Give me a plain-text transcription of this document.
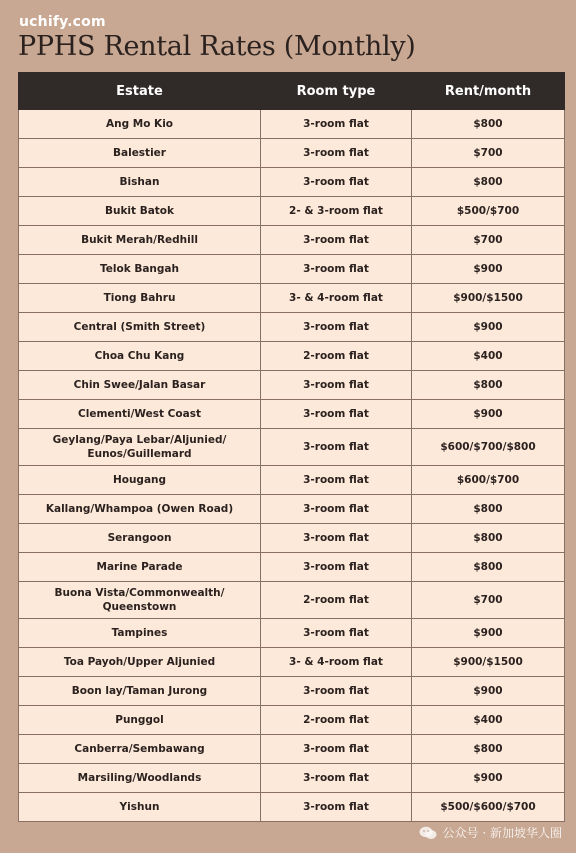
uchify.com
PPHS Rental Rates (Monthly)
Estate	Room type	Rent/month
Ang Mo Kio	3-room flat	$800
Balestier	3-room flat	$700
Bishan	3-room flat	$800
Bukit Batok	2- & 3-room flat	$500/$700
Bukit Merah/Redhill	3-room flat	$700
Telok Bangah	3-room flat	$900
Tiong Bahru	3- & 4-room flat	$900/$1500
Central (Smith Street)	3-room flat	$900
Choa Chu Kang	2-room flat	$400
Chin Swee/Jalan Basar	3-room flat	$800
Clementi/West Coast	3-room flat	$900
Geylang/Paya Lebar/Aljunied/
Eunos/Guillemard	3-room flat	$600/$700/$800
Hougang	3-room flat	$600/$700
Kallang/Whampoa (Owen Road)	3-room flat	$800
Serangoon	3-room flat	$800
Marine Parade	3-room flat	$800
Buona Vista/Commonwealth/
Queenstown	2-room flat	$700
Tampines	3-room flat	$900
Toa Payoh/Upper Aljunied	3- & 4-room flat	$900/$1500
Boon lay/Taman Jurong	3-room flat	$900
Punggol	2-room flat	$400
Canberra/Sembawang	3-room flat	$800
Marsiling/Woodlands	3-room flat	$900
Yishun	3-room flat	$500/$600/$700
公众号 · 新加坡华人圈
